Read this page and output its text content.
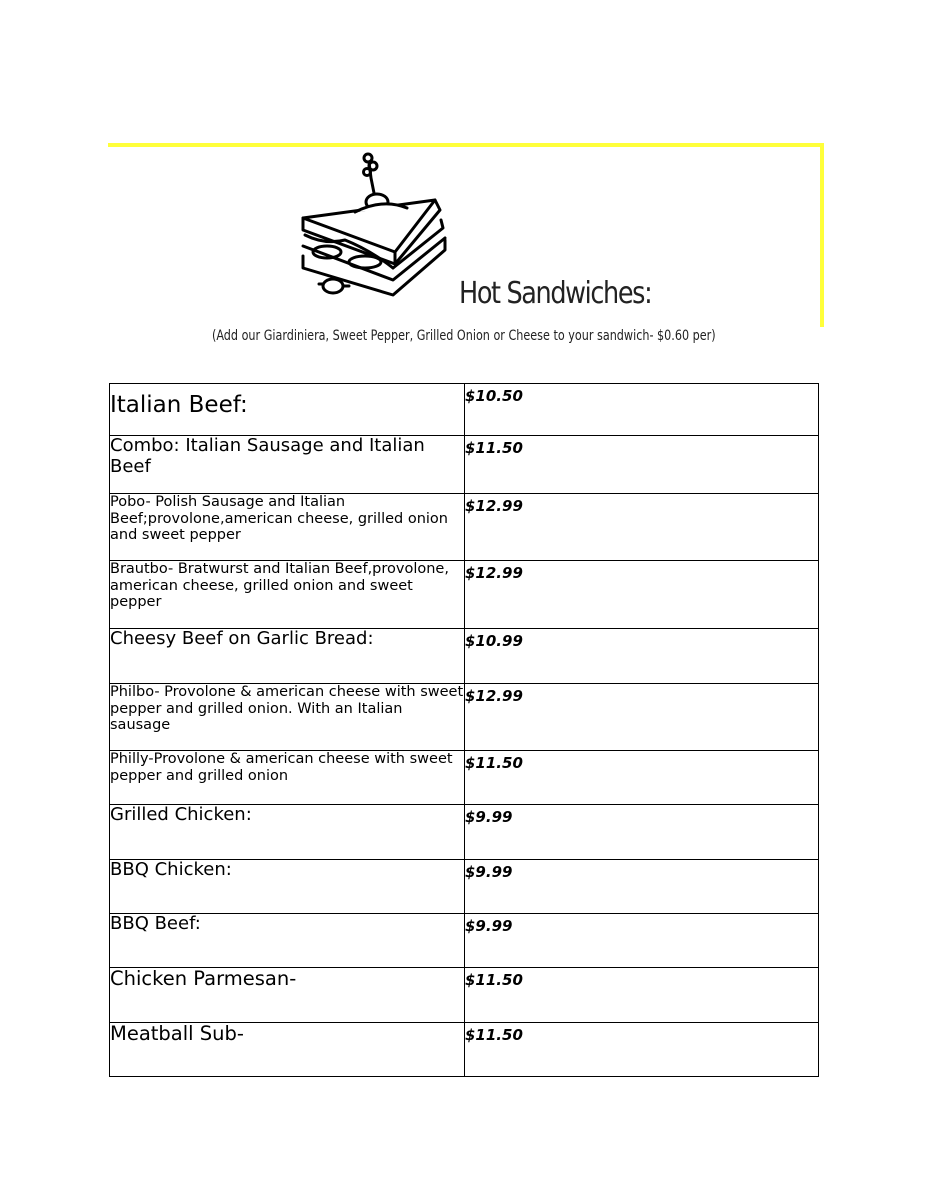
Hot Sandwiches:
(Add our Giardiniera, Sweet Pepper, Grilled Onion or Cheese to your sandwich- $0.60 per)
Italian Beef:	$10.50
Combo: Italian Sausage and Italian Beef	$11.50
Pobo- Polish Sausage and Italian Beef;provolone,american cheese, grilled onion and sweet pepper	$12.99
Brautbo- Bratwurst and Italian Beef,provolone, american cheese, grilled onion and sweet pepper	$12.99
Cheesy Beef on Garlic Bread:	$10.99
Philbo- Provolone & american cheese with sweet pepper and grilled onion. With an Italian sausage	$12.99
Philly-Provolone & american cheese with sweet pepper and grilled onion	$11.50
Grilled Chicken:	$9.99
BBQ Chicken:	$9.99
BBQ Beef:	$9.99
Chicken Parmesan-	$11.50
Meatball Sub-	$11.50
